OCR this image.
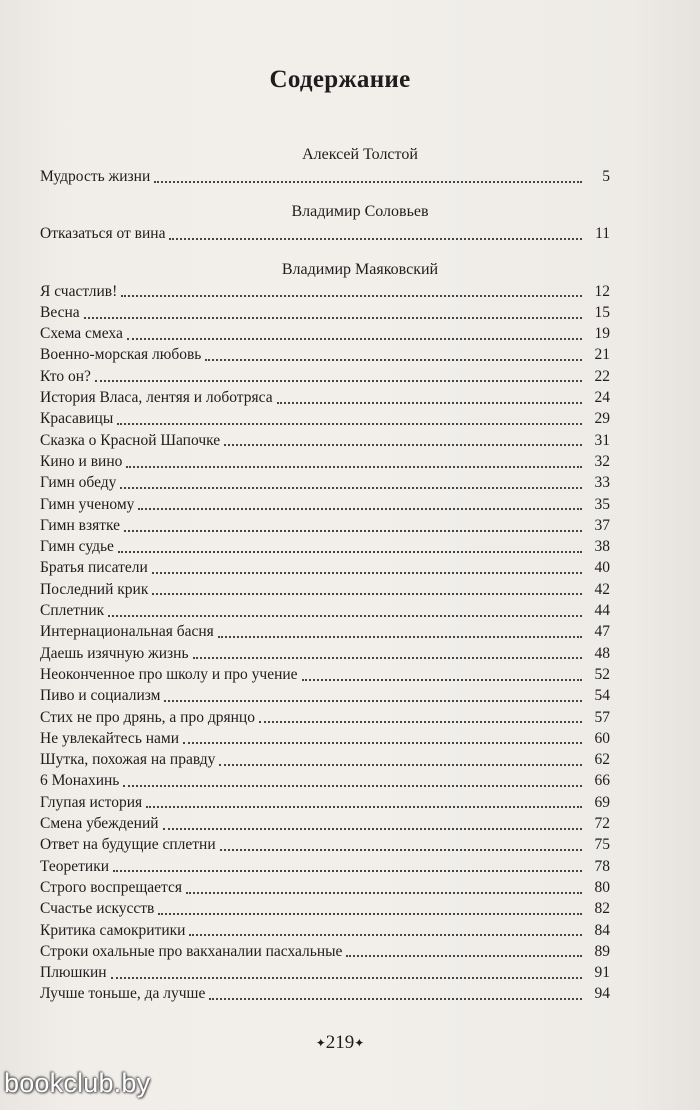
Содержание
Алексей Толстой
Мудрость жизни	5
Владимир Соловьев
Отказаться от вина	11
Владимир Маяковский
Я счастлив!	12
Весна	15
Схема смеха	19
Военно-морская любовь	21
Кто он?	22
История Власа, лентяя и лоботряса	24
Красавицы	29
Сказка о Красной Шапочке	31
Кино и вино	32
Гимн обеду	33
Гимн ученому	35
Гимн взятке	37
Гимн судье	38
Братья писатели	40
Последний крик	42
Сплетник	44
Интернациональная басня	47
Даешь изячную жизнь	48
Неоконченное про школу и про учение	52
Пиво и социализм	54
Стих не про дрянь, а про дрянцо	57
Не увлекайтесь нами	60
Шутка, похожая на правду	62
6 Монахинь	66
Глупая история	69
Смена убеждений	72
Ответ на будущие сплетни	75
Теоретики	78
Строго воспрещается	80
Счастье искусств	82
Критика самокритики	84
Строки охальные про вакханалии пасхальные	89
Плюшкин	91
Лучше тоньше, да лучше	94
✦219✦
bookclub.by
